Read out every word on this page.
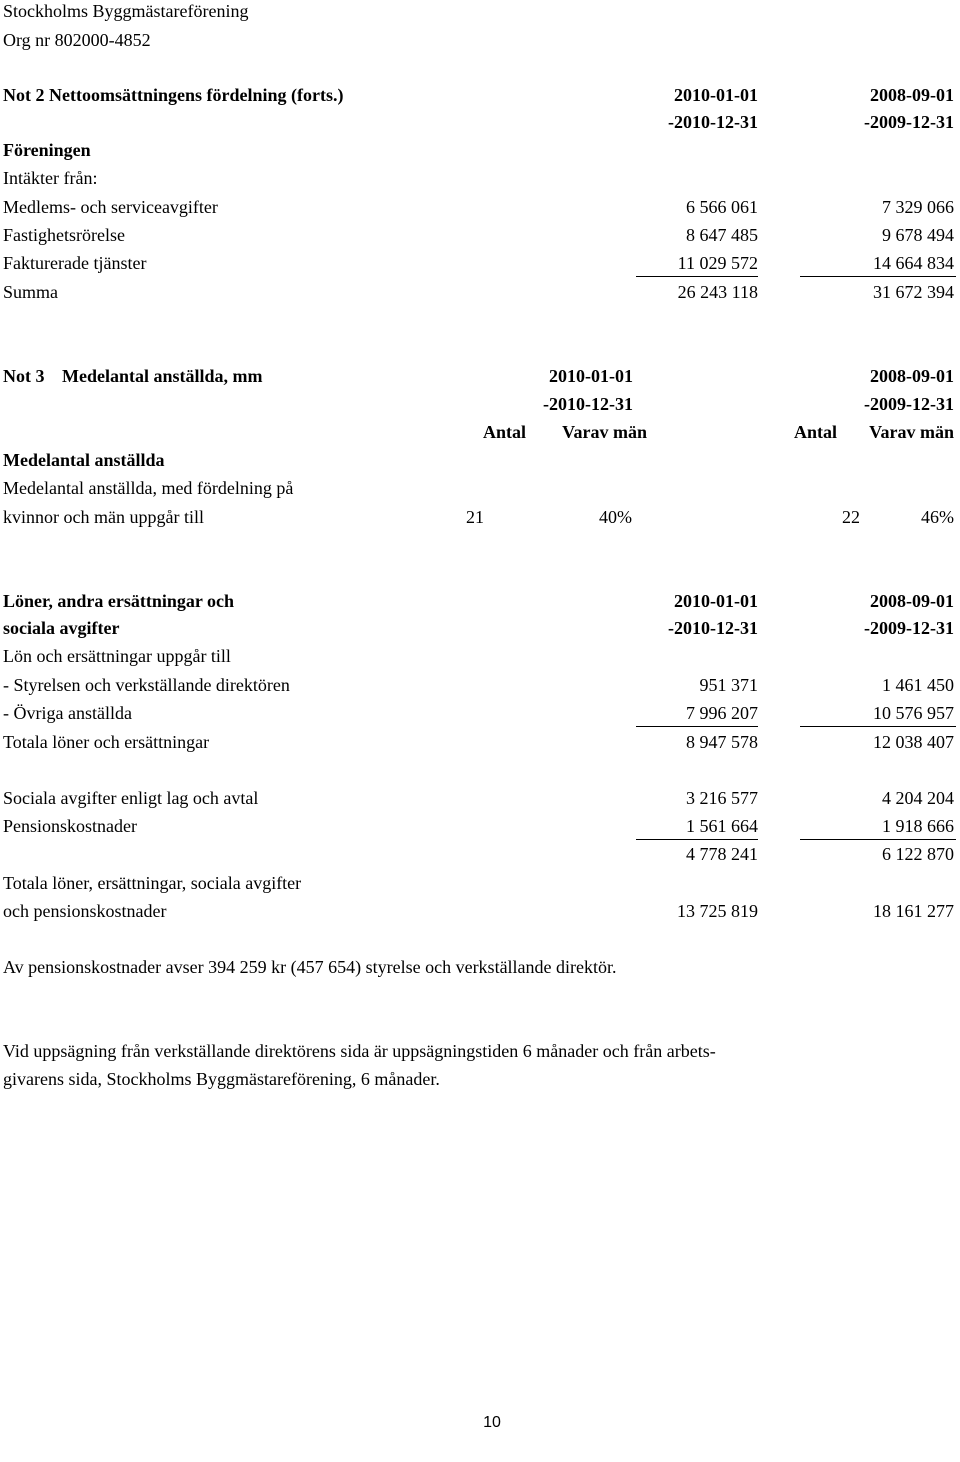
Stockholms Byggmästareförening
Org nr 802000-4852
Not 2 Nettoomsättningens fördelning (forts.)	2010-01-01	2008-09-01
-2010-12-31	-2009-12-31
Föreningen
Intäkter från:
Medlems- och serviceavgifter	6 566 061	7 329 066
Fastighetsrörelse	8 647 485	9 678 494
Fakturerade tjänster	11 029 572	14 664 834
Summa	26 243 118	31 672 394
Not 3 Medelantal anställda, mm	2010-01-01	2008-09-01
-2010-12-31	-2009-12-31
Antal Varav män	Antal Varav män
Medelantal anställda
Medelantal anställda, med fördelning på
kvinnor och män uppgår till	21	40%	22	46%
Löner, andra ersättningar och
sociala avgifter
2010-01-01	2008-09-01
-2010-12-31	-2009-12-31
Lön och ersättningar uppgår till
- Styrelsen och verkställande direktören	951 371	1 461 450
- Övriga anställda	7 996 207	10 576 957
Totala löner och ersättningar	8 947 578	12 038 407
Sociala avgifter enligt lag och avtal	3 216 577	4 204 204
Pensionskostnader	1 561 664	1 918 666
4 778 241	6 122 870
Totala löner, ersättningar, sociala avgifter
och pensionskostnader	13 725 819	18 161 277
Av pensionskostnader avser 394 259 kr (457 654) styrelse och verkställande direktör.
Vid uppsägning från verkställande direktörens sida är uppsägningstiden 6 månader och från arbets-
givarens sida, Stockholms Byggmästareförening, 6 månader.
10
